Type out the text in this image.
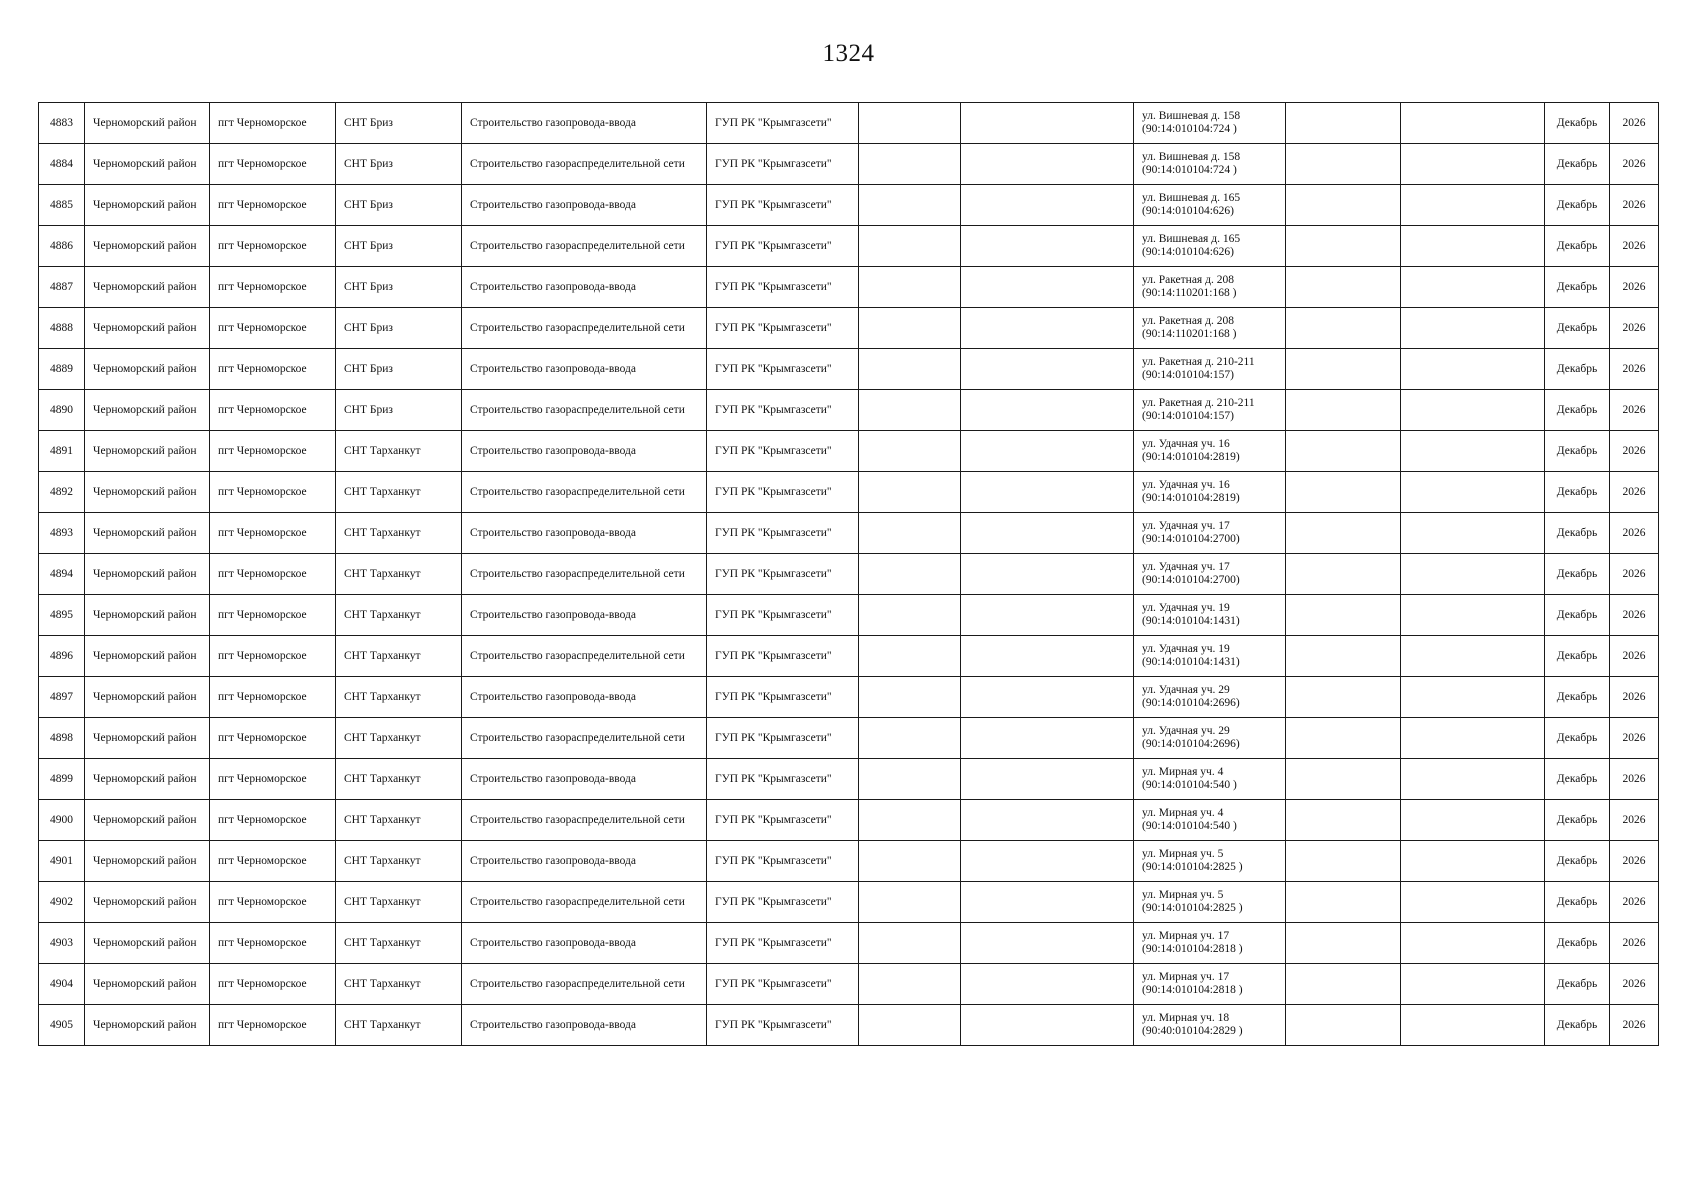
1324
4883	Черноморский район	пгт Черноморское	СНТ Бриз	Строительство газопровода-ввода	ГУП РК "Крымгазсети"			ул. Вишневая д. 158
(90:14:010104:724 )			Декабрь	2026
4884	Черноморский район	пгт Черноморское	СНТ Бриз	Строительство газораспределительной сети	ГУП РК "Крымгазсети"			ул. Вишневая д. 158
(90:14:010104:724 )			Декабрь	2026
4885	Черноморский район	пгт Черноморское	СНТ Бриз	Строительство газопровода-ввода	ГУП РК "Крымгазсети"			ул. Вишневая д. 165
(90:14:010104:626)			Декабрь	2026
4886	Черноморский район	пгт Черноморское	СНТ Бриз	Строительство газораспределительной сети	ГУП РК "Крымгазсети"			ул. Вишневая д. 165
(90:14:010104:626)			Декабрь	2026
4887	Черноморский район	пгт Черноморское	СНТ Бриз	Строительство газопровода-ввода	ГУП РК "Крымгазсети"			ул. Ракетная д. 208
(90:14:110201:168 )			Декабрь	2026
4888	Черноморский район	пгт Черноморское	СНТ Бриз	Строительство газораспределительной сети	ГУП РК "Крымгазсети"			ул. Ракетная д. 208
(90:14:110201:168 )			Декабрь	2026
4889	Черноморский район	пгт Черноморское	СНТ Бриз	Строительство газопровода-ввода	ГУП РК "Крымгазсети"			ул. Ракетная д. 210-211
(90:14:010104:157)			Декабрь	2026
4890	Черноморский район	пгт Черноморское	СНТ Бриз	Строительство газораспределительной сети	ГУП РК "Крымгазсети"			ул. Ракетная д. 210-211
(90:14:010104:157)			Декабрь	2026
4891	Черноморский район	пгт Черноморское	СНТ Тарханкут	Строительство газопровода-ввода	ГУП РК "Крымгазсети"			ул. Удачная уч. 16
(90:14:010104:2819)			Декабрь	2026
4892	Черноморский район	пгт Черноморское	СНТ Тарханкут	Строительство газораспределительной сети	ГУП РК "Крымгазсети"			ул. Удачная уч. 16
(90:14:010104:2819)			Декабрь	2026
4893	Черноморский район	пгт Черноморское	СНТ Тарханкут	Строительство газопровода-ввода	ГУП РК "Крымгазсети"			ул. Удачная уч. 17
(90:14:010104:2700)			Декабрь	2026
4894	Черноморский район	пгт Черноморское	СНТ Тарханкут	Строительство газораспределительной сети	ГУП РК "Крымгазсети"			ул. Удачная уч. 17
(90:14:010104:2700)			Декабрь	2026
4895	Черноморский район	пгт Черноморское	СНТ Тарханкут	Строительство газопровода-ввода	ГУП РК "Крымгазсети"			ул. Удачная уч. 19
(90:14:010104:1431)			Декабрь	2026
4896	Черноморский район	пгт Черноморское	СНТ Тарханкут	Строительство газораспределительной сети	ГУП РК "Крымгазсети"			ул. Удачная уч. 19
(90:14:010104:1431)			Декабрь	2026
4897	Черноморский район	пгт Черноморское	СНТ Тарханкут	Строительство газопровода-ввода	ГУП РК "Крымгазсети"			ул. Удачная уч. 29
(90:14:010104:2696)			Декабрь	2026
4898	Черноморский район	пгт Черноморское	СНТ Тарханкут	Строительство газораспределительной сети	ГУП РК "Крымгазсети"			ул. Удачная уч. 29
(90:14:010104:2696)			Декабрь	2026
4899	Черноморский район	пгт Черноморское	СНТ Тарханкут	Строительство газопровода-ввода	ГУП РК "Крымгазсети"			ул. Мирная уч. 4
(90:14:010104:540 )			Декабрь	2026
4900	Черноморский район	пгт Черноморское	СНТ Тарханкут	Строительство газораспределительной сети	ГУП РК "Крымгазсети"			ул. Мирная уч. 4
(90:14:010104:540 )			Декабрь	2026
4901	Черноморский район	пгт Черноморское	СНТ Тарханкут	Строительство газопровода-ввода	ГУП РК "Крымгазсети"			ул. Мирная уч. 5
(90:14:010104:2825 )			Декабрь	2026
4902	Черноморский район	пгт Черноморское	СНТ Тарханкут	Строительство газораспределительной сети	ГУП РК "Крымгазсети"			ул. Мирная уч. 5
(90:14:010104:2825 )			Декабрь	2026
4903	Черноморский район	пгт Черноморское	СНТ Тарханкут	Строительство газопровода-ввода	ГУП РК "Крымгазсети"			ул. Мирная уч. 17
(90:14:010104:2818 )			Декабрь	2026
4904	Черноморский район	пгт Черноморское	СНТ Тарханкут	Строительство газораспределительной сети	ГУП РК "Крымгазсети"			ул. Мирная уч. 17
(90:14:010104:2818 )			Декабрь	2026
4905	Черноморский район	пгт Черноморское	СНТ Тарханкут	Строительство газопровода-ввода	ГУП РК "Крымгазсети"			ул. Мирная уч. 18
(90:40:010104:2829 )			Декабрь	2026
